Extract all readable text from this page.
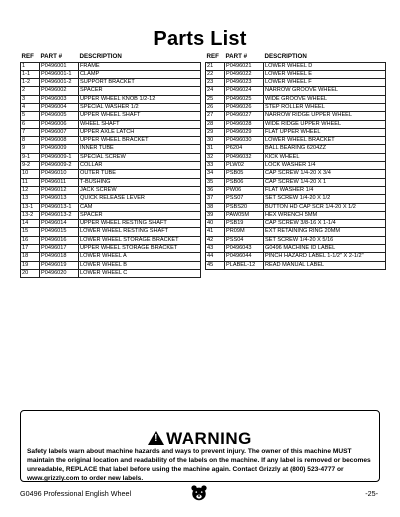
Parts List
REF	PART #	DESCRIPTION
1	P0496001	FRAME
1-1	P0496001-1	CLAMP
1-2	P0496001-2	SUPPORT BRACKET
2	P0496002	SPACER
3	P0496003	UPPER WHEEL KNOB 1/2-12
4	P0496004	SPECIAL WASHER 1/2
5	P0496005	UPPER WHEEL SHAFT
6	P0496006	WHEEL SHAFT
7	P0496007	UPPER AXLE LATCH
8	P0496008	UPPER WHEEL BRACKET
9	P0496009	INNER TUBE
9-1	P0496009-1	SPECIAL SCREW
9-2	P0496009-2	COLLAR
10	P0496010	OUTER TUBE
11	P0496011	T-BUSHING
12	P0496012	JACK SCREW
13	P0496013	QUICK RELEASE LEVER
13-1	P0496013-1	CAM
13-2	P0496013-2	SPACER
14	P0496014	UPPER WHEEL RESTING SHAFT
15	P0496015	LOWER WHEEL RESTING SHAFT
16	P0496016	LOWER WHEEL STORAGE BRACKET
17	P0496017	UPPER WHEEL STORAGE BRACKET
18	P0496018	LOWER WHEEL A
19	P0496019	LOWER WHEEL B
20	P0496020	LOWER WHEEL C
REF	PART #	DESCRIPTION
21	P0496021	LOWER WHEEL D
22	P0496022	LOWER WHEEL E
23	P0496023	LOWER WHEEL F
24	P0496024	NARROW GROOVE WHEEL
25	P0496025	WIDE GROOVE WHEEL
26	P0496026	STEP ROLLER WHEEL
27	P0496027	NARROW RIDGE UPPER WHEEL
28	P0496028	WIDE RIDGE UPPER WHEEL
29	P0496029	FLAT UPPER WHEEL
30	P0496030	LOWER WHEEL BRACKET
31	P6204	BALL BEARING 6204ZZ
32	P0496032	KICK WHEEL
33	PLW02	LOCK WASHER 1/4
34	PSB05	CAP SCREW 1/4-20 X 3/4
35	PSB06	CAP SCREW 1/4-20 X 1
36	PW06	FLAT WASHER 1/4
37	PSS07	SET SCREW 1/4-20 X 1/2
38	PSBS20	BUTTON HD CAP SCR 1/4-20 X 1/2
39	PAW05M	HEX WRENCH 5MM
40	PSB19	CAP SCREW 3/8-16 X 1-1/4
41	PR09M	EXT RETAINING RING 20MM
42	PSS04	SET SCREW 1/4-20 X 5/16
43	P0496043	G0496 MACHINE ID LABEL
44	P0496044	PINCH HAZARD LABEL 1-1/2" X 2-1/2"
45	PLABEL-12	READ MANUAL LABEL
!WARNING
Safety labels warn about machine hazards and ways to prevent injury. The owner of this machine MUST maintain the original location and readability of the labels on the machine. If any label is removed or becomes unreadable, REPLACE that label before using the machine again. Contact Grizzly at (800) 523-4777 or www.grizzly.com to order new labels.
G0496 Professional English Wheel	-25-
